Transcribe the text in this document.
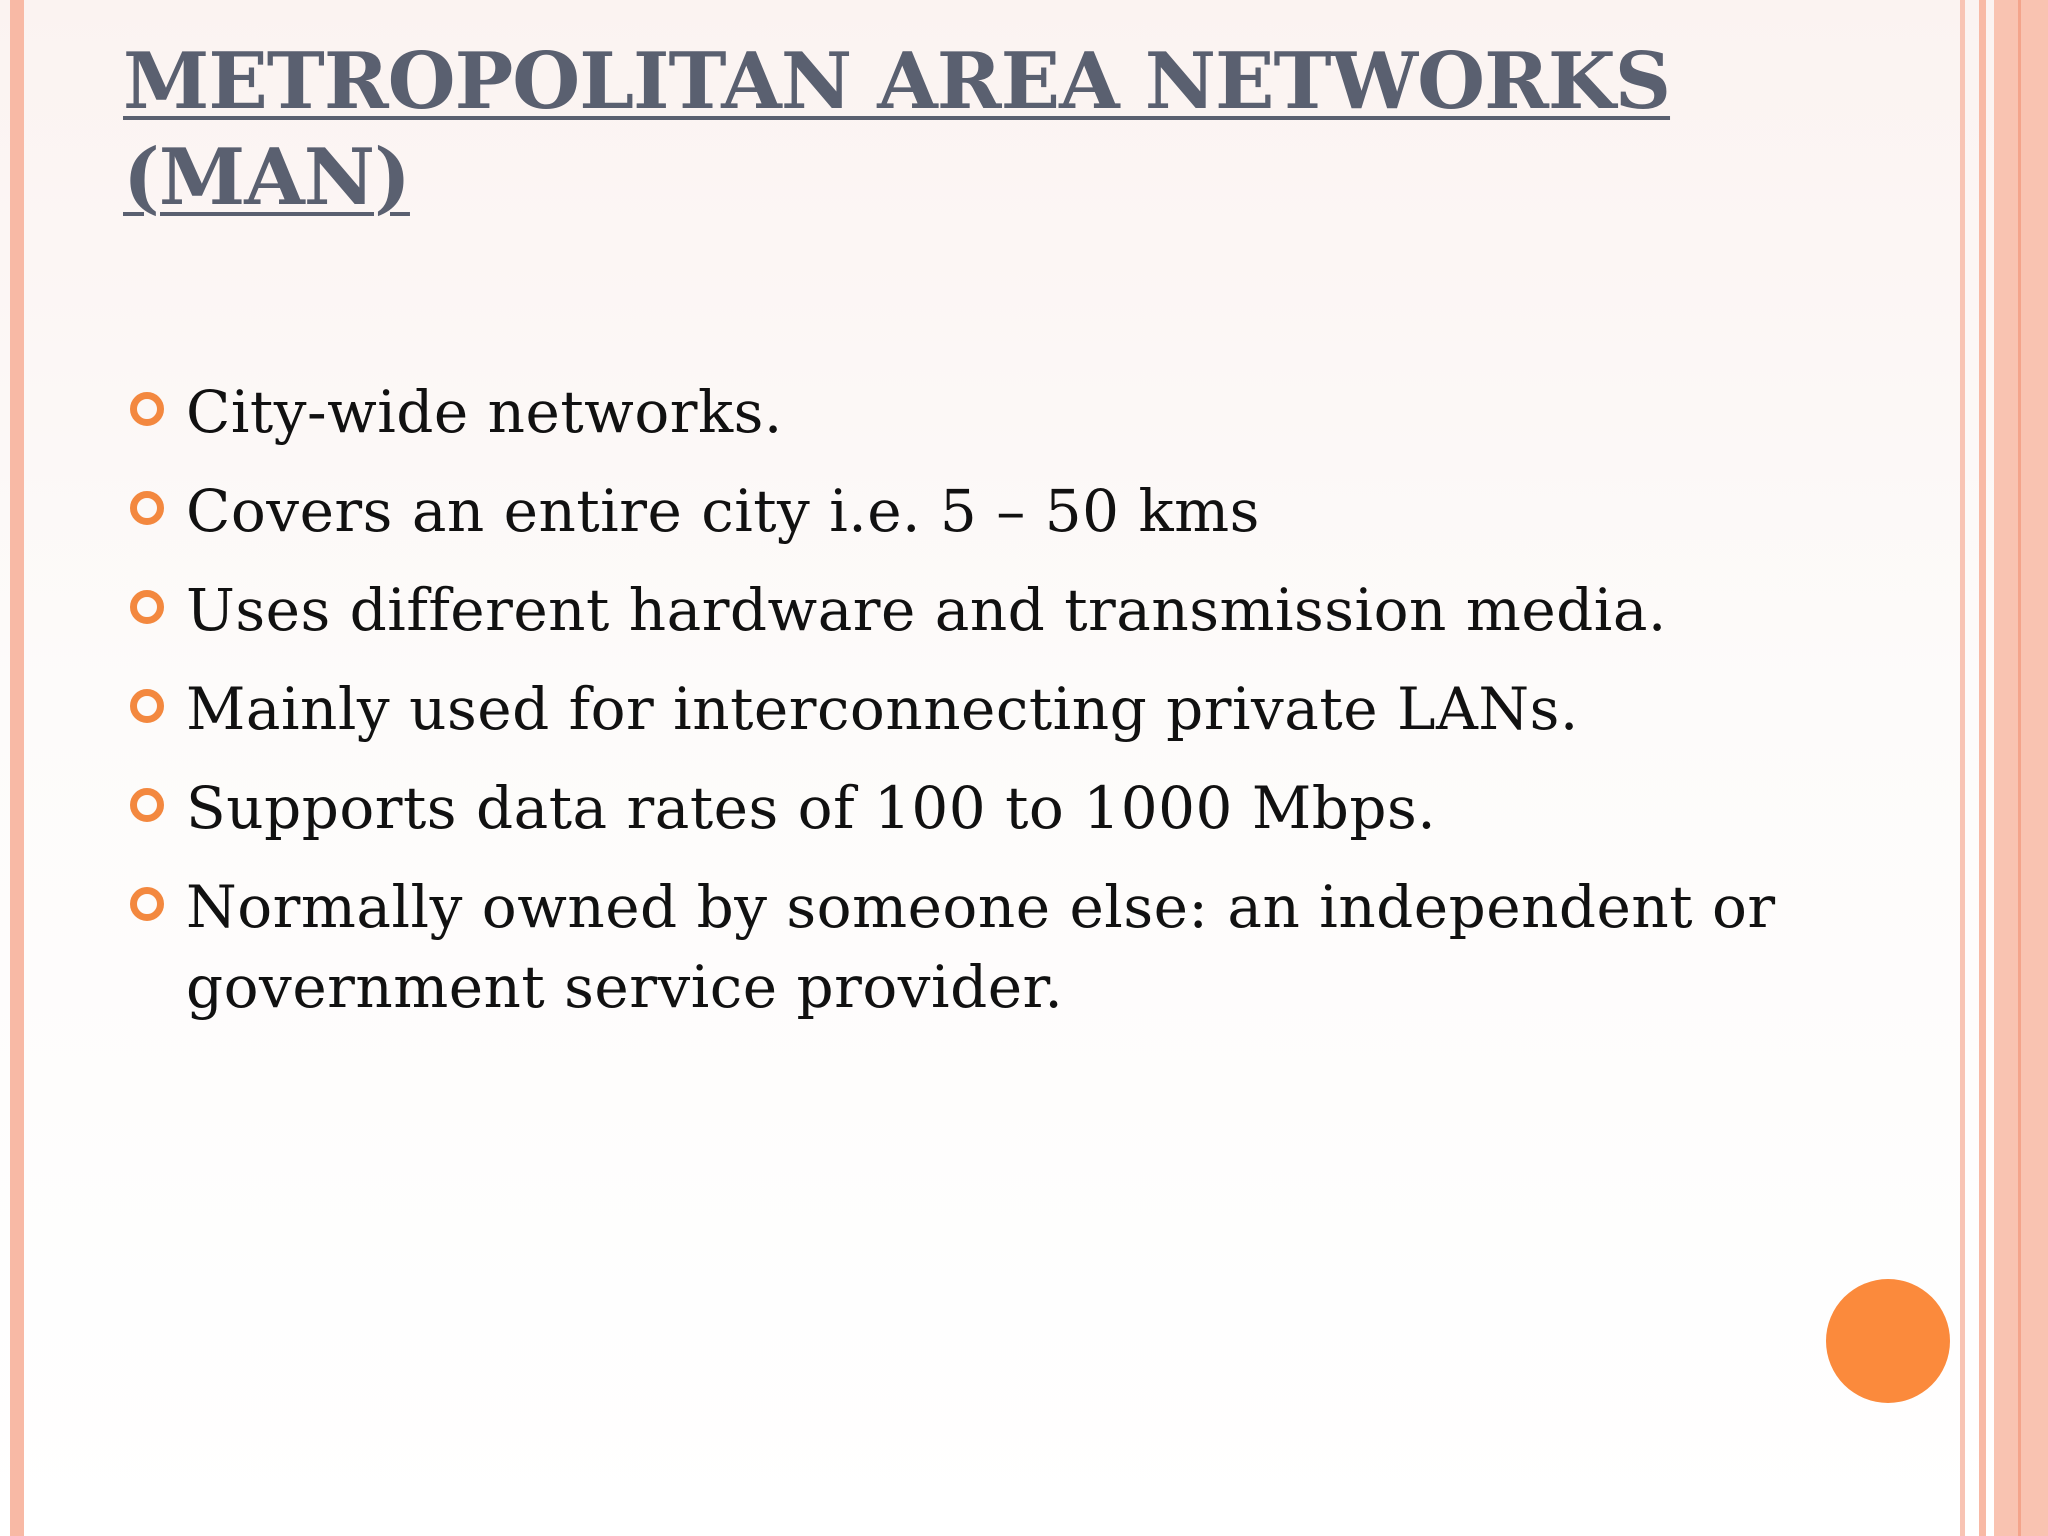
METROPOLITAN AREA NETWORKS (MAN)
City-wide networks.
Covers an entire city i.e. 5 – 50 kms
Uses different hardware and transmission media.
Mainly used for interconnecting private LANs.
Supports data rates of 100 to 1000 Mbps.
Normally owned by someone else: an independent or government service provider.
